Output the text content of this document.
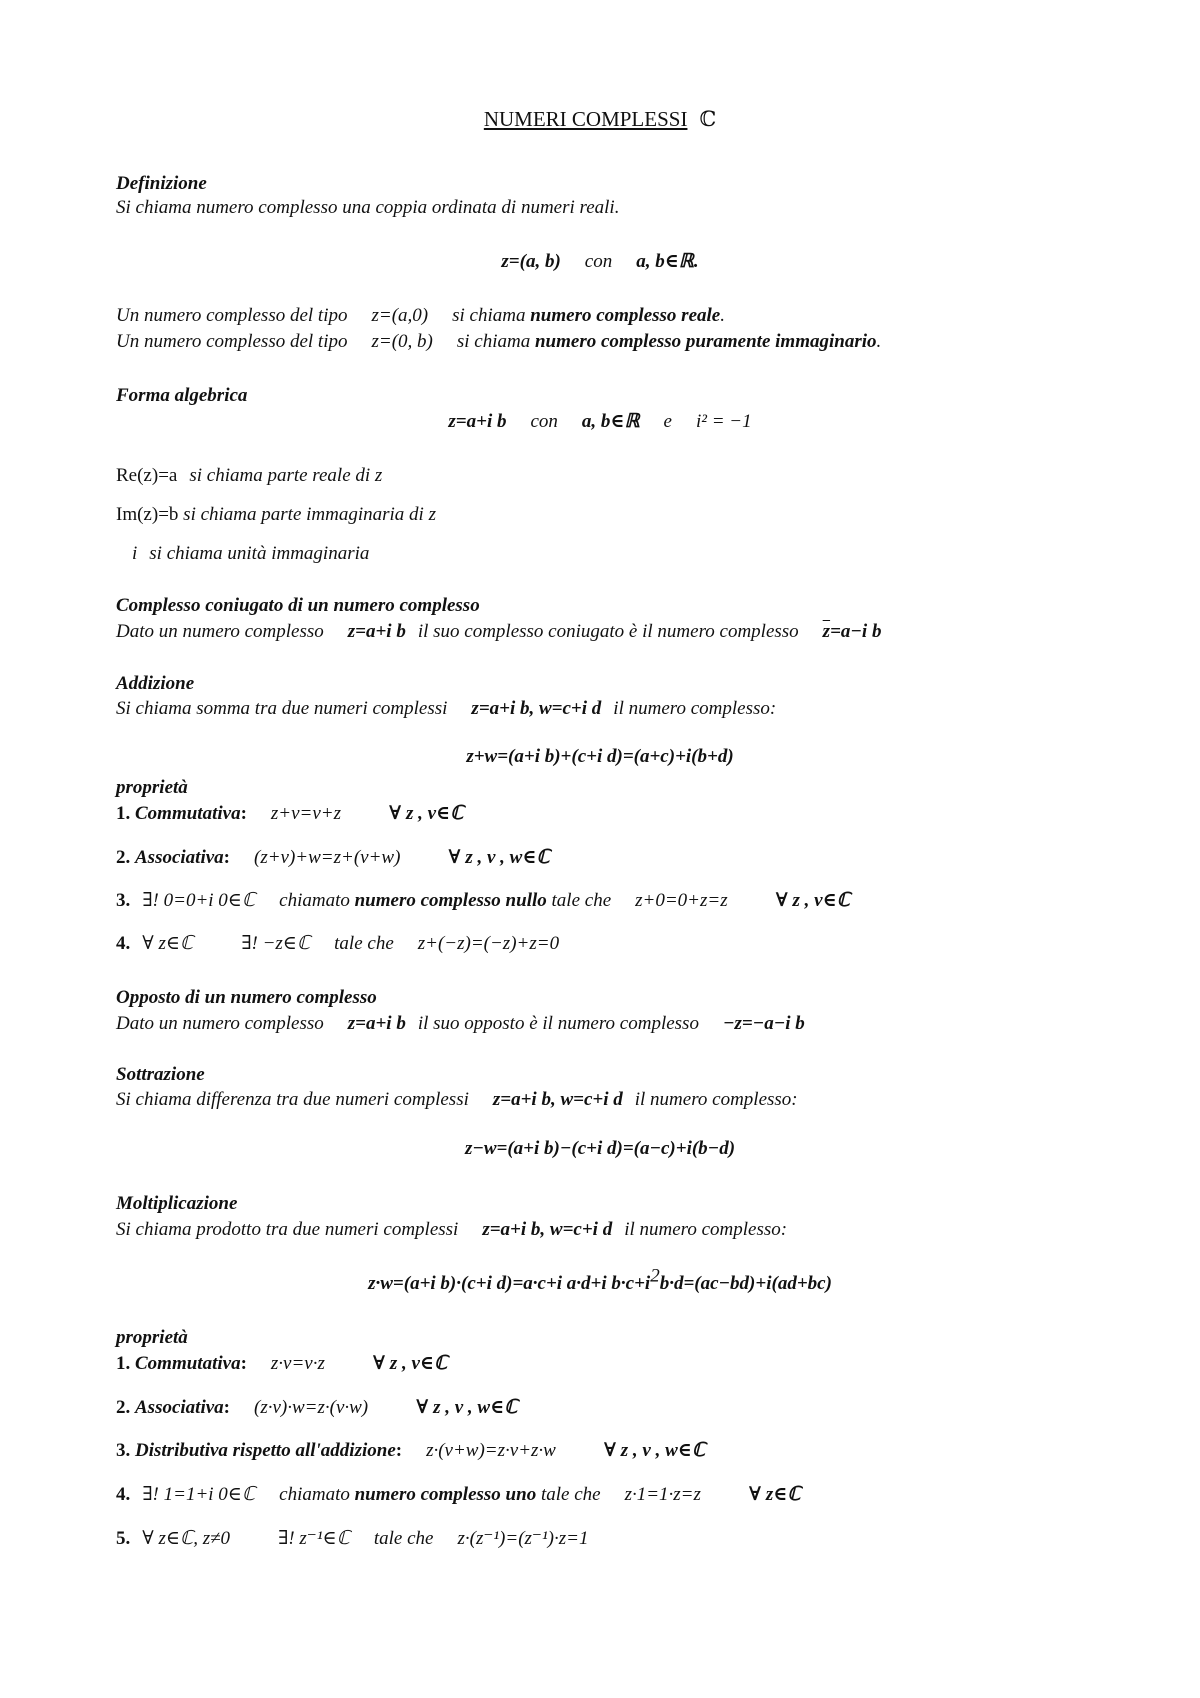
NUMERI COMPLESSI ℂ
Definizione
Si chiama numero complesso una coppia ordinata di numeri reali.
z=(a, b) con a, b∈ℝ.
Un numero complesso del tipo z=(a,0) si chiama numero complesso reale.
Un numero complesso del tipo z=(0, b) si chiama numero complesso puramente immaginario.
Forma algebrica
z=a+i b con a, b∈ℝ e i² = −1
Re(z)=a si chiama parte reale di z
Im(z)=b si chiama parte immaginaria di z
i si chiama unità immaginaria
Complesso coniugato di un numero complesso
Dato un numero complesso z=a+i b il suo complesso coniugato è il numero complesso $\overline{z}=a-i$ b
Addizione
Si chiama somma tra due numeri complessi z=a+i b, w=c+i d il numero complesso:
z+w=(a+i b)+(c+i d)=(a+c)+i(b+d)
proprietà
1. Commutativa: z+v=v+z	∀ z , v∈ℂ
2. Associativa: (z+v)+w=z+(v+w)	∀ z , v , w∈ℂ
3. ∃! 0=0+i 0∈ℂ chiamato numero complesso nullo tale che z+0=0+z=z	∀ z , v∈ℂ
4. ∀ z∈ℂ	∃! −z∈ℂ tale che z+(−z)=(−z)+z=0
Opposto di un numero complesso
Dato un numero complesso z=a+i b il suo opposto è il numero complesso −z=−a−i b
Sottrazione
Si chiama differenza tra due numeri complessi z=a+i b, w=c+i d il numero complesso:
z−w=(a+i b)−(c+i d)=(a−c)+i(b−d)
Moltiplicazione
Si chiama prodotto tra due numeri complessi z=a+i b, w=c+i d il numero complesso:
z·w=(a+i b)·(c+i d)=a·c+i a·d+i $b\cdot c+i^2b\cdot d=(ac-bd)+i(ad+bc)$
proprietà
1. Commutativa: z·v=v·z	∀ z , v∈ℂ
2. Associativa: (z·v)·w=z·(v·w)	∀ z , v , w∈ℂ
3. Distributiva rispetto all'addizione: z·(v+w)=z·v+z·w	∀ z , v , w∈ℂ
4. ∃! 1=1+i 0∈ℂ chiamato numero complesso uno tale che z·1=1·z=z	∀ z∈ℂ
5. ∀ z∈ℂ, z≠0	∃! z⁻¹∈ℂ tale che z·(z⁻¹)=(z⁻¹)·z=1
